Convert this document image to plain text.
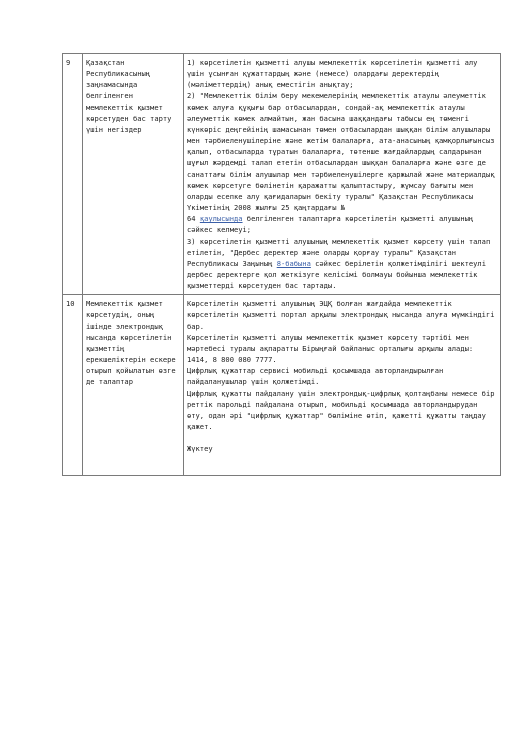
9	Қазақстан Республикасының заңнамасында белгіленген мемлекеттік қызмет көрсетуден бас тарту үшін негіздер	1) көрсетілетін қызметті алушы мемлекеттік көрсетілетін қызметті алу үшін ұсынған құжаттардың және (немесе) олардағы деректердің (мәліметтердің) анық еместігін анықтау;
2) "Мемлекеттік білім беру мекемелерінің мемлекеттік атаулы әлеуметтік көмек алуға құқығы бар отбасылардан, сондай-ақ мемлекеттік атаулы әлеуметтік көмек алмайтын, жан басына шаққандағы табысы ең төменгі күнкөріс деңгейінің шамасынан төмен отбасылардан шыққан білім алушылары мен тәрбиеленушілеріне және жетім балаларға, ата-анасының қамқорлығынсыз қалып, отбасыларда тұратын балаларға, төтенше жағдайлардың салдарынан шұғыл жәрдемді талап ететін отбасылардан шыққан балаларға және өзге де санаттағы білім алушылар мен тәрбиеленушілерге қаржылай және материалдық көмек көрсетуге бөлінетін қаражатты қалыптастыру, жұмсау бағыты мен оларды есепке алу қағидаларын бекіту туралы" Қазақстан Республикасы Үкіметінің 2008 жылғы 25 қаңтардағы №
64 қаулысында белгіленген талаптарға көрсетілетін қызметті алушының сәйкес келмеуі;
3) көрсетілетін қызметті алушының мемлекеттік қызмет көрсету үшін талап етілетін, "Дербес деректер және оларды қорғау туралы" Қазақстан Республикасы Заңының 8-бабына сәйкес берілетін қолжетімділігі шектеулі дербес деректерге қол жеткізуге келісімі болмауы бойынша мемлекеттік қызметтерді көрсетуден бас тартады.

10	Мемлекеттік қызмет көрсетудің, оның ішінде электрондық нысанда көрсетілетін қызметтің ерекшеліктерін ескере отырып қойылатын өзге де талаптар	Көрсетілетін қызметті алушының ЭЦҚ болған жағдайда мемлекеттік көрсетілетін қызметті портал арқылы электрондық нысанда алуға мүмкіндігі бар.
Көрсетілетін қызметті алушы мемлекеттік қызмет көрсету тәртібі мен мәртебесі туралы ақпаратты Бірыңғай байланыс орталығы арқылы алады: 1414, 8 800 080 7777.
Цифрлық құжаттар сервисі мобильді қосымшада авторландырылған пайдаланушылар үшін қолжетімді.
Цифрлық құжатты пайдалану үшін электрондық-цифрлық қолтаңбаны немесе бір реттік парольді пайдалана отырып, мобильді қосымшада авторландырудан өту, одан әрі "цифрлық құжаттар" бөліміне өтіп, қажетті құжатты таңдау қажет.
Жүктеу
